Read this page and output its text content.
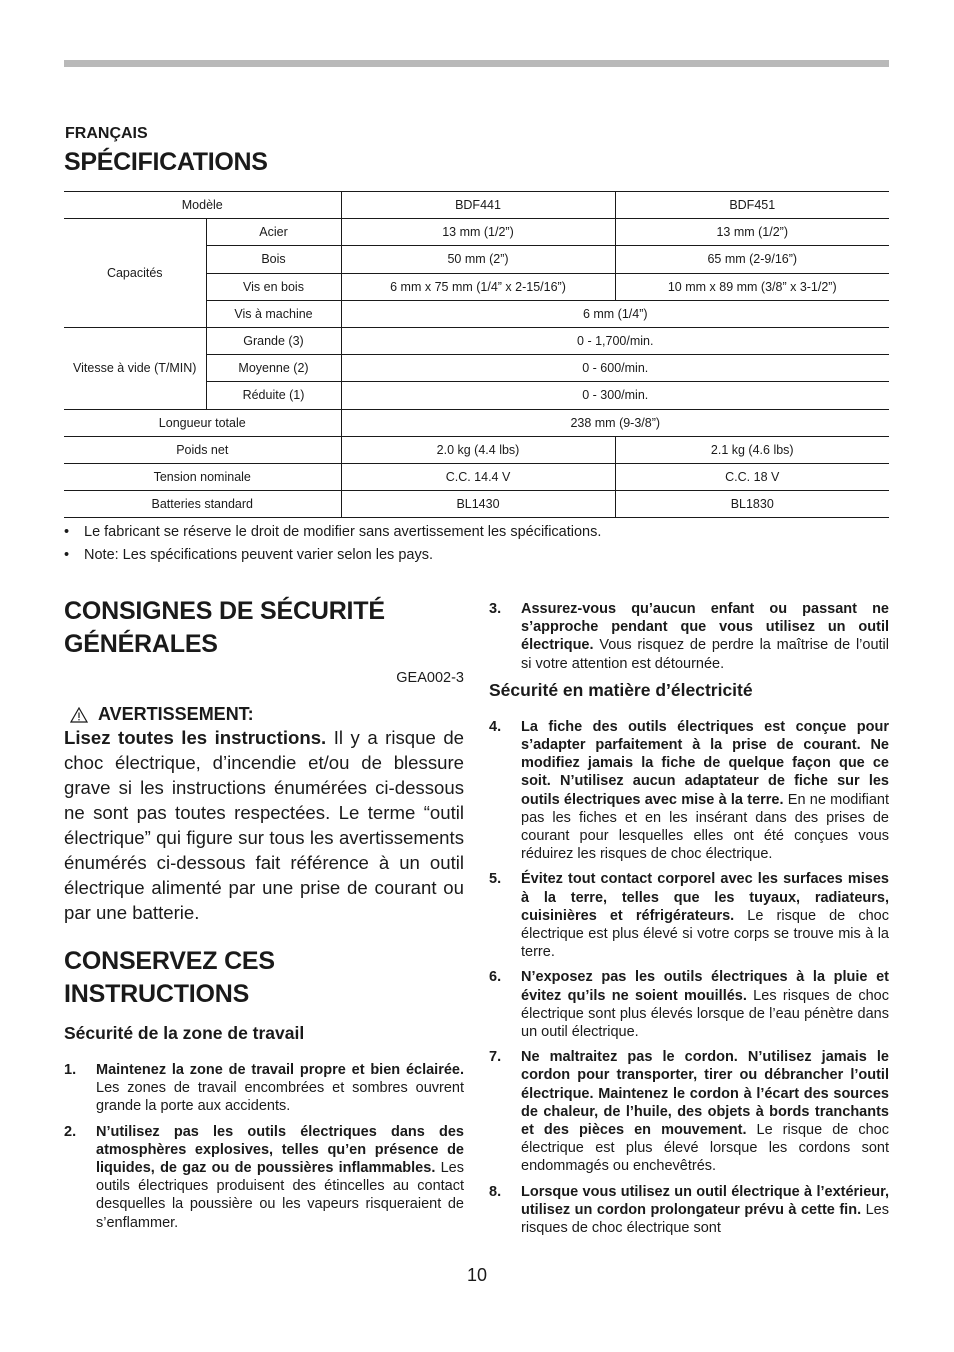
FRANÇAIS
SPÉCIFICATIONS
Modèle		BDF441	BDF451
Capacités	Acier	13 mm (1/2”)	13 mm (1/2”)
	Bois	50 mm (2”)	65 mm (2-9/16”)
	Vis en bois	6 mm x 75 mm (1/4” x 2-15/16”)	10 mm x 89 mm (3/8” x 3-1/2”)
	Vis à machine	6 mm (1/4”)	
Vitesse à vide (T/MIN)	Grande (3)	0 - 1,700/min.	
	Moyenne (2)	0 - 600/min.	
	Réduite (1)	0 - 300/min.	
Longueur totale		238 mm (9-3/8”)	
Poids net		2.0 kg (4.4 lbs)	2.1 kg (4.6 lbs)
Tension nominale		C.C. 14.4 V	C.C. 18 V
Batteries standard		BL1430	BL1830
• Le fabricant se réserve le droit de modifier sans avertissement les spécifications.
• Note: Les spécifications peuvent varier selon les pays.
CONSIGNES DE SÉCURITÉ
GÉNÉRALES
GEA002-3
AVERTISSEMENT:
Lisez toutes les instructions. Il y a risque de choc électrique, d’incendie et/ou de blessure grave si les instructions énumérées ci-dessous ne sont pas toutes respectées. Le terme “outil électrique” qui figure sur tous les avertissements énumérés ci-dessous fait référence à un outil électrique alimenté par une prise de courant ou par une batterie.
CONSERVEZ CES
INSTRUCTIONS
Sécurité de la zone de travail
1. Maintenez la zone de travail propre et bien éclairée. Les zones de travail encombrées et sombres ouvrent grande la porte aux accidents.
2. N’utilisez pas les outils électriques dans des atmosphères explosives, telles qu’en présence de liquides, de gaz ou de poussières inflammables. Les outils électriques produisent des étincelles au contact desquelles la poussière ou les vapeurs risqueraient de s’enflammer.
3. Assurez-vous qu’aucun enfant ou passant ne s’approche pendant que vous utilisez un outil électrique. Vous risquez de perdre la maîtrise de l’outil si votre attention est détournée.
Sécurité en matière d’électricité
4. La fiche des outils électriques est conçue pour s’adapter parfaitement à la prise de courant. Ne modifiez jamais la fiche de quelque façon que ce soit. N’utilisez aucun adaptateur de fiche sur les outils électriques avec mise à la terre. En ne modifiant pas les fiches et en les insérant dans des prises de courant pour lesquelles elles ont été conçues vous réduirez les risques de choc électrique.
5. Évitez tout contact corporel avec les surfaces mises à la terre, telles que les tuyaux, radiateurs, cuisinières et réfrigérateurs. Le risque de choc électrique est plus élevé si votre corps se trouve mis à la terre.
6. N’exposez pas les outils électriques à la pluie et évitez qu’ils ne soient mouillés. Les risques de choc électrique sont plus élevés lorsque de l’eau pénètre dans un outil électrique.
7. Ne maltraitez pas le cordon. N’utilisez jamais le cordon pour transporter, tirer ou débrancher l’outil électrique. Maintenez le cordon à l’écart des sources de chaleur, de l’huile, des objets à bords tranchants et des pièces en mouvement. Le risque de choc électrique est plus élevé lorsque les cordons sont endommagés ou enchevêtrés.
8. Lorsque vous utilisez un outil électrique à l’extérieur, utilisez un cordon prolongateur prévu à cette fin. Les risques de choc électrique sont
10
